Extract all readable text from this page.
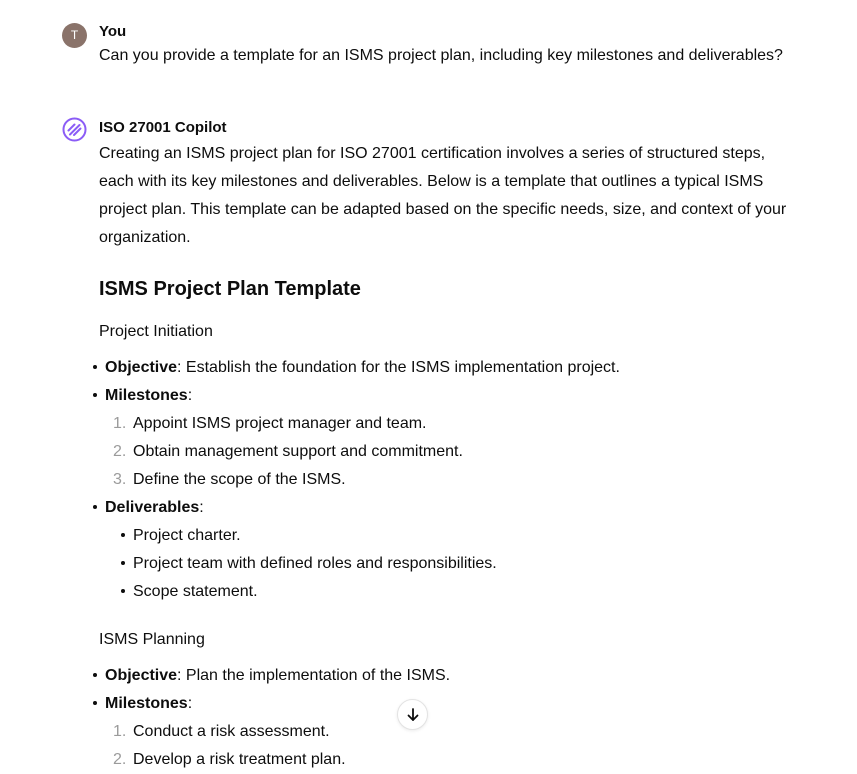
T	You
Can you provide a template for an ISMS project plan, including key milestones and deliverables?
ISO 27001 Copilot

Creating an ISMS project plan for ISO 27001 certification involves a series of structured steps, each with its key milestones and deliverables. Below is a template that outlines a typical ISMS project plan. This template can be adapted based on the specific needs, size, and context of your organization.

ISMS Project Plan Template
Project Initiation
Objective: Establish the foundation for the ISMS implementation project.
Milestones:
1. Appoint ISMS project manager and team.
2. Obtain management support and commitment.
3. Define the scope of the ISMS.
Deliverables:
Project charter.
Project team with defined roles and responsibilities.
Scope statement.
ISMS Planning
Objective: Plan the implementation of the ISMS.
Milestones:
1. Conduct a risk assessment.
2. Develop a risk treatment plan.
